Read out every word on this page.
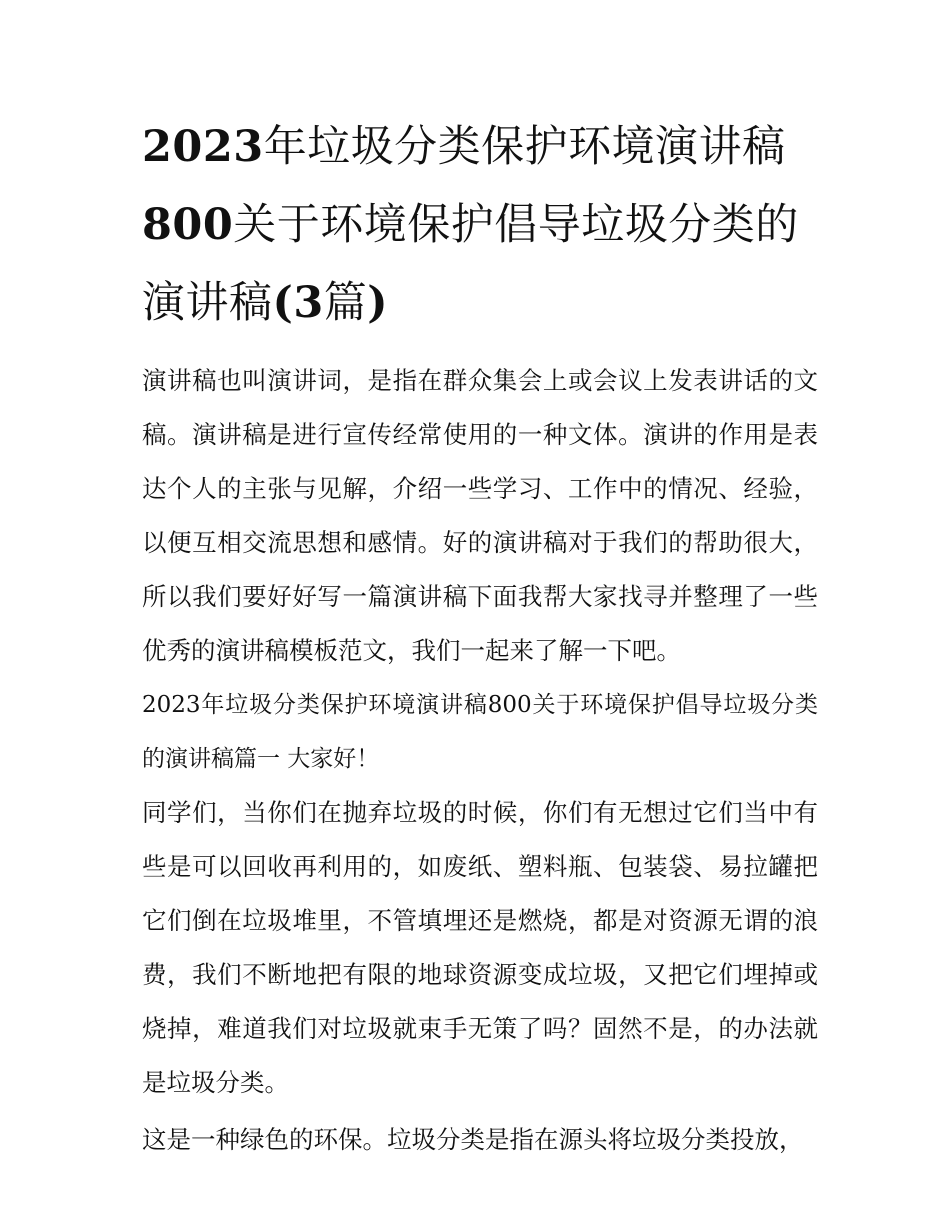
2023年垃圾分类保护环境演讲稿800关于环境保护倡导垃圾分类的演讲稿(3篇)

演讲稿也叫演讲词，是指在群众集会上或会议上发表讲话的文稿。演讲稿是进行宣传经常使用的一种文体。演讲的作用是表达个人的主张与见解，介绍一些学习、工作中的情况、经验，以便互相交流思想和感情。好的演讲稿对于我们的帮助很大，所以我们要好好写一篇演讲稿下面我帮大家找寻并整理了一些优秀的演讲稿模板范文，我们一起来了解一下吧。

2023年垃圾分类保护环境演讲稿800关于环境保护倡导垃圾分类的演讲稿篇一 大家好！

同学们，当你们在抛弃垃圾的时候，你们有无想过它们当中有些是可以回收再利用的，如废纸、塑料瓶、包装袋、易拉罐把它们倒在垃圾堆里，不管填埋还是燃烧，都是对资源无谓的浪费，我们不断地把有限的地球资源变成垃圾，又把它们埋掉或烧掉，难道我们对垃圾就束手无策了吗？固然不是，的办法就是垃圾分类。

这是一种绿色的环保。垃圾分类是指在源头将垃圾分类投放，
